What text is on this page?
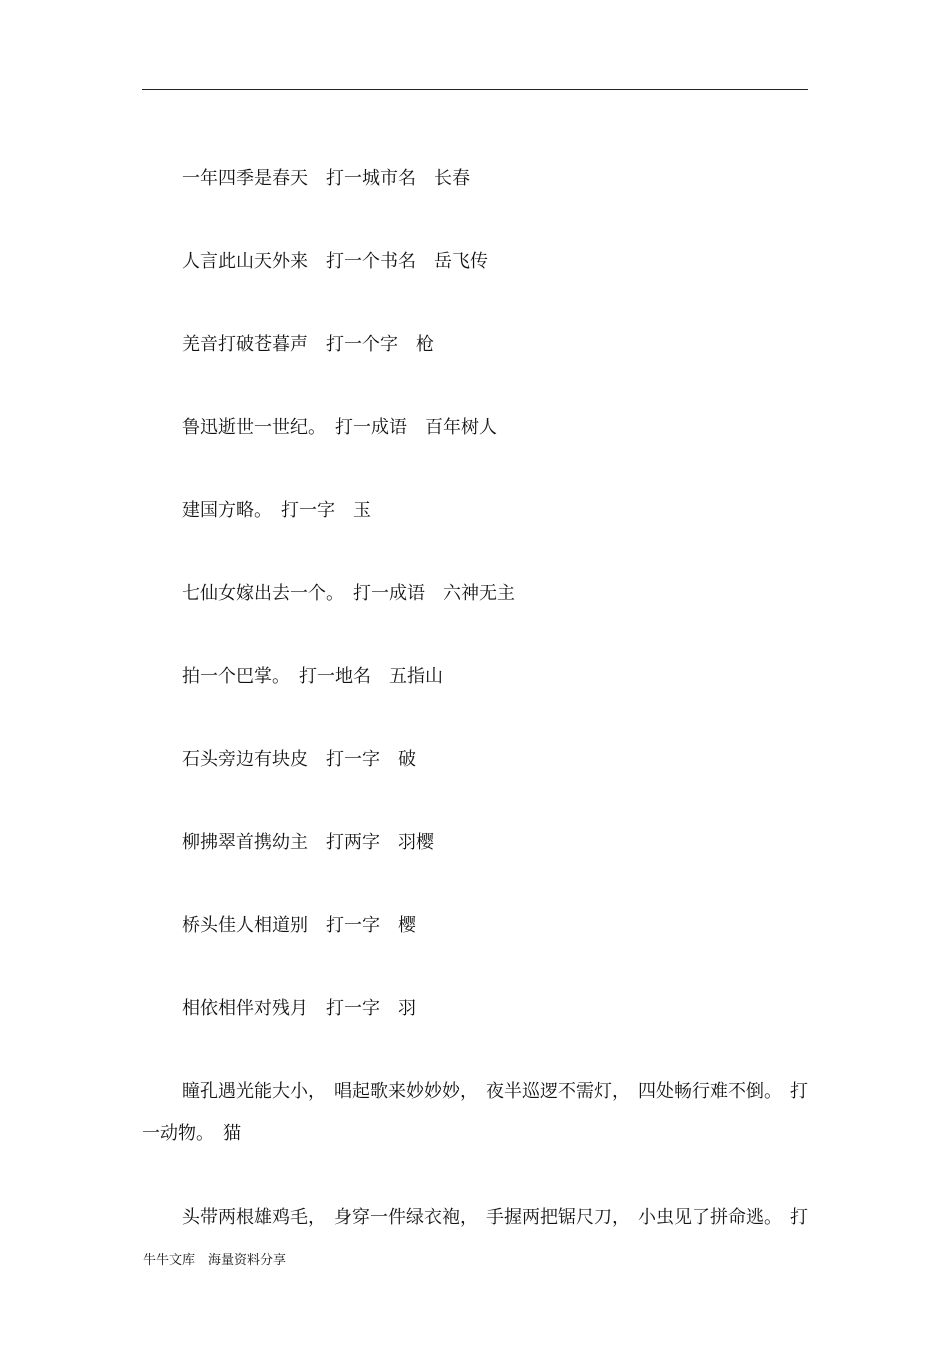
一年四季是春天　打一城市名　长春
人言此山天外来　打一个书名　岳飞传
羌音打破苍暮声　打一个字　枪
鲁迅逝世一世纪。　打一成语　百年树人
建国方略。　打一字　玉
七仙女嫁出去一个。　打一成语　六神无主
拍一个巴掌。　打一地名　五指山
石头旁边有块皮　打一字　破
柳拂翠首携幼主　打两字　羽樱
桥头佳人相道别　打一字　樱
相依相伴对残月　打一字　羽
瞳孔遇光能大小， 唱起歌来妙妙妙， 夜半巡逻不需灯， 四处畅行难不倒。 打
一动物。　猫
头带两根雄鸡毛， 身穿一件绿衣袍， 手握两把锯尺刀， 小虫见了拼命逃。 打
牛牛文库　海量资料分享
